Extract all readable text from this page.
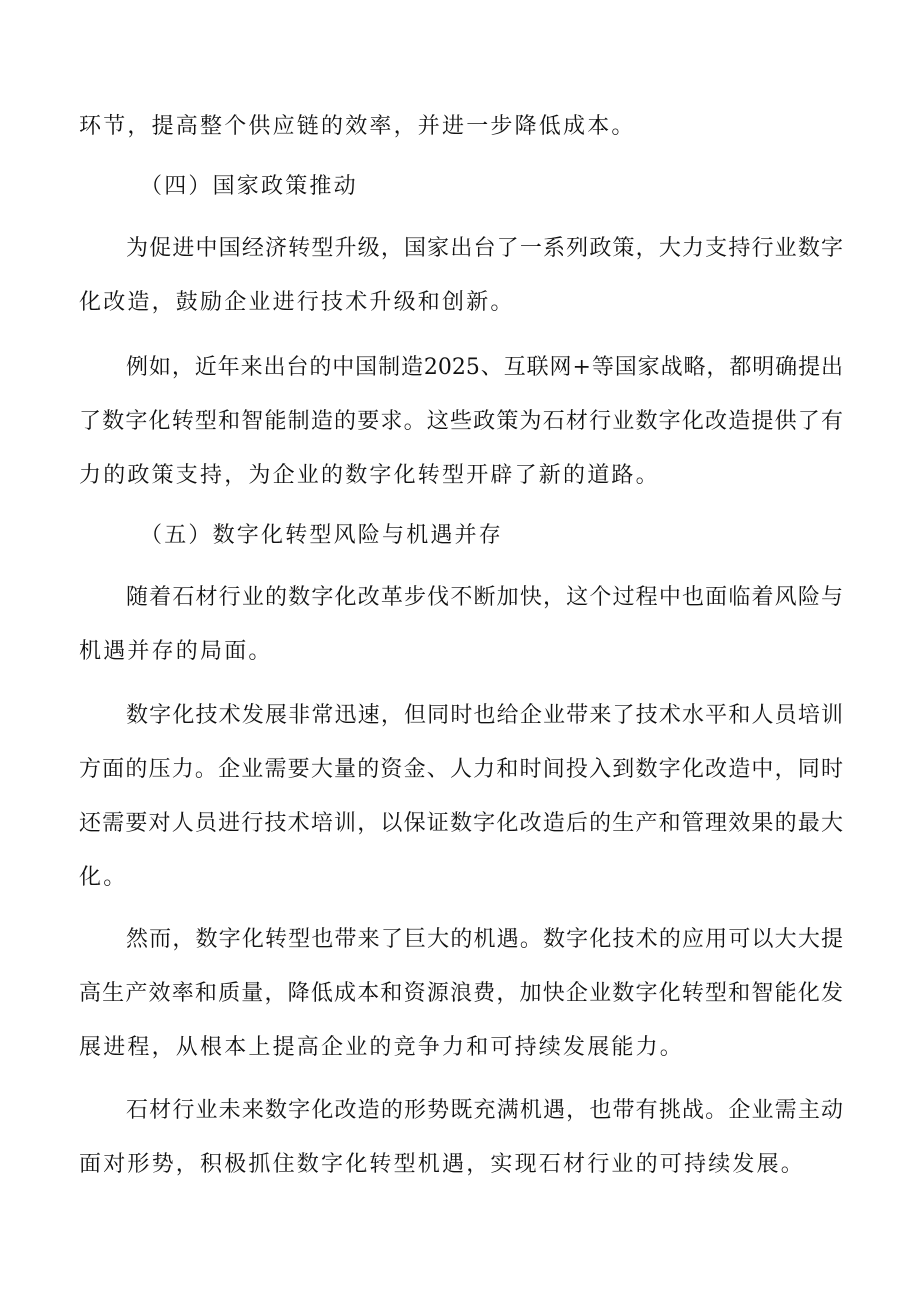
环节，提高整个供应链的效率，并进一步降低成本。

（四）国家政策推动

为促进中国经济转型升级，国家出台了一系列政策，大力支持行业数字

化改造，鼓励企业进行技术升级和创新。

例如，近年来出台的中国制造2025、互联网+等国家战略，都明确提出

了数字化转型和智能制造的要求。这些政策为石材行业数字化改造提供了有

力的政策支持，为企业的数字化转型开辟了新的道路。

（五）数字化转型风险与机遇并存

随着石材行业的数字化改革步伐不断加快，这个过程中也面临着风险与

机遇并存的局面。

数字化技术发展非常迅速，但同时也给企业带来了技术水平和人员培训

方面的压力。企业需要大量的资金、人力和时间投入到数字化改造中，同时

还需要对人员进行技术培训，以保证数字化改造后的生产和管理效果的最大

化。

然而，数字化转型也带来了巨大的机遇。数字化技术的应用可以大大提

高生产效率和质量，降低成本和资源浪费，加快企业数字化转型和智能化发

展进程，从根本上提高企业的竞争力和可持续发展能力。

石材行业未来数字化改造的形势既充满机遇，也带有挑战。企业需主动

面对形势，积极抓住数字化转型机遇，实现石材行业的可持续发展。
